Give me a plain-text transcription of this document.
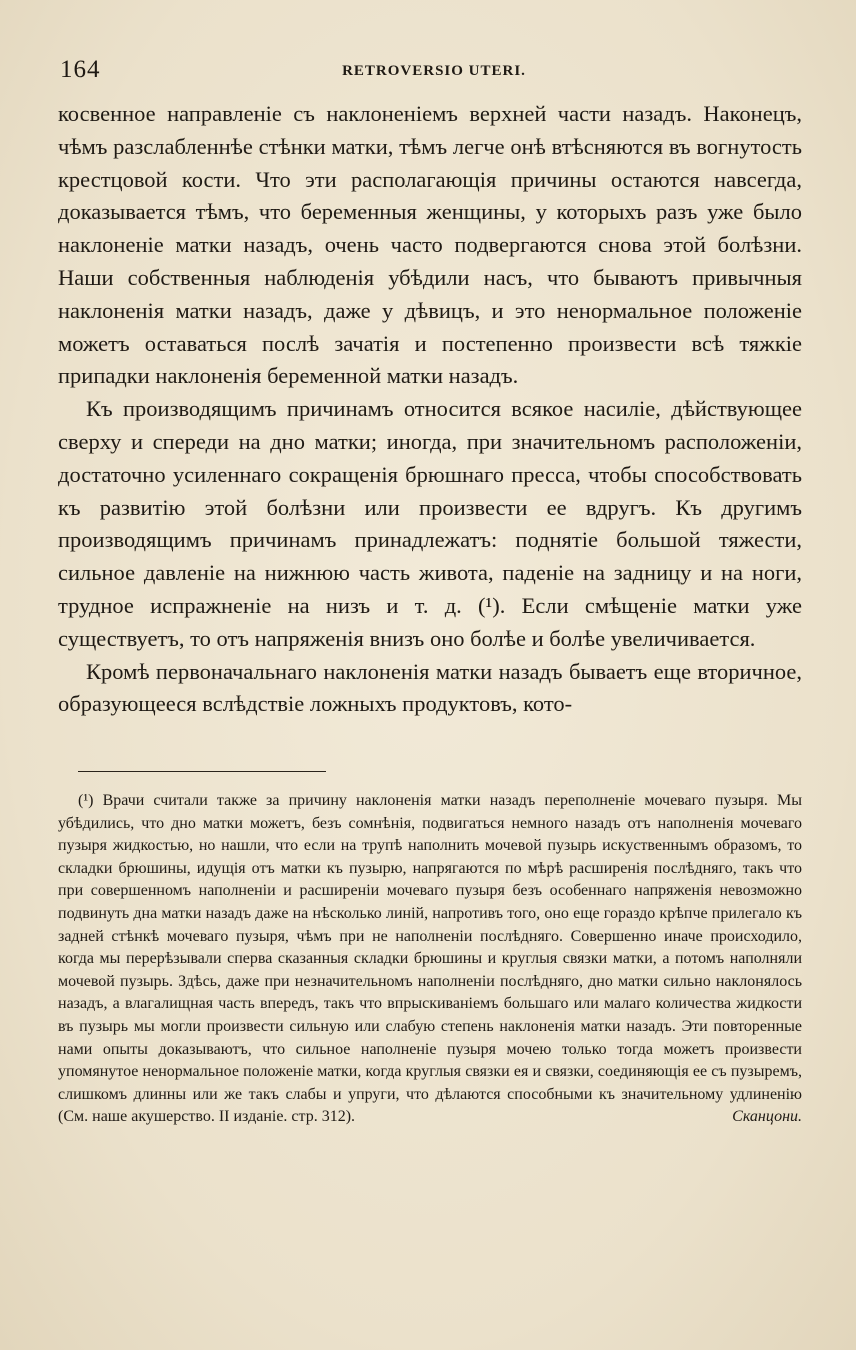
164	RETROVERSIO UTERI.

косвенное направленіе съ наклоненіемъ верхней части назадъ. Наконецъ, чѣмъ разслабленнѣе стѣнки матки, тѣмъ легче онѣ втѣсняются въ вогнутость крестцовой кости. Что эти располагающія причины остаются навсегда, доказывается тѣмъ, что беременныя женщины, у которыхъ разъ уже было наклоненіе матки назадъ, очень часто подвергаются снова этой болѣзни. Наши собственныя наблюденія убѣдили насъ, что бываютъ привычныя наклоненія матки назадъ, даже у дѣвицъ, и это ненормальное положеніе можетъ оставаться послѣ зачатія и постепенно произвести всѣ тяжкіе припадки наклоненія беременной матки назадъ.

Къ производящимъ причинамъ относится всякое насиліе, дѣйствующее сверху и спереди на дно матки; иногда, при значительномъ расположеніи, достаточно усиленнаго сокращенія брюшнаго пресса, чтобы способствовать къ развитію этой болѣзни или произвести ее вдругъ. Къ другимъ производящимъ причинамъ принадлежатъ: поднятіе большой тяжести, сильное давленіе на нижнюю часть живота, паденіе на задницу и на ноги, трудное испражненіе на низъ и т. д. (¹). Если смѣщеніе матки уже существуетъ, то отъ напряженія внизъ оно болѣе и болѣе увеличивается.

Кромѣ первоначальнаго наклоненія матки назадъ бываетъ еще вторичное, образующееся вслѣдствіе ложныхъ продуктовъ, кото-

(¹) Врачи считали также за причину наклоненія матки назадъ переполненіе мочеваго пузыря. Мы убѣдились, что дно матки можетъ, безъ сомнѣнія, подвигаться немного назадъ отъ наполненія мочеваго пузыря жидкостью, но нашли, что если на трупѣ наполнить мочевой пузырь искуственнымъ образомъ, то складки брюшины, идущія отъ матки къ пузырю, напрягаются по мѣрѣ расширенія послѣдняго, такъ что при совершенномъ наполненіи и расширеніи мочеваго пузыря безъ особеннаго напряженія невозможно подвинуть дна матки назадъ даже на нѣсколько линій, напротивъ того, оно еще гораздо крѣпче прилегало къ задней стѣнкѣ мочеваго пузыря, чѣмъ при не наполненіи послѣдняго. Совершенно иначе происходило, когда мы перерѣзывали сперва сказанныя складки брюшины и круглыя связки матки, а потомъ наполняли мочевой пузырь. Здѣсь, даже при незначительномъ наполненіи послѣдняго, дно матки сильно наклонялось назадъ, а влагалищная часть впередъ, такъ что впрыскиваніемъ большаго или малаго количества жидкости въ пузырь мы могли произвести сильную или слабую степень наклоненія матки назадъ. Эти повторенные нами опыты доказываютъ, что сильное наполненіе пузыря мочею только тогда можетъ произвести упомянутое ненормальное положеніе матки, когда круглыя связки ея и связки, соединяющія ее съ пузыремъ, слишкомъ длинны или же такъ слабы и упруги, что дѣлаются способными къ значительному удлиненію (См. наше акушерство. II изданіе. стр. 312).	Сканцони.
